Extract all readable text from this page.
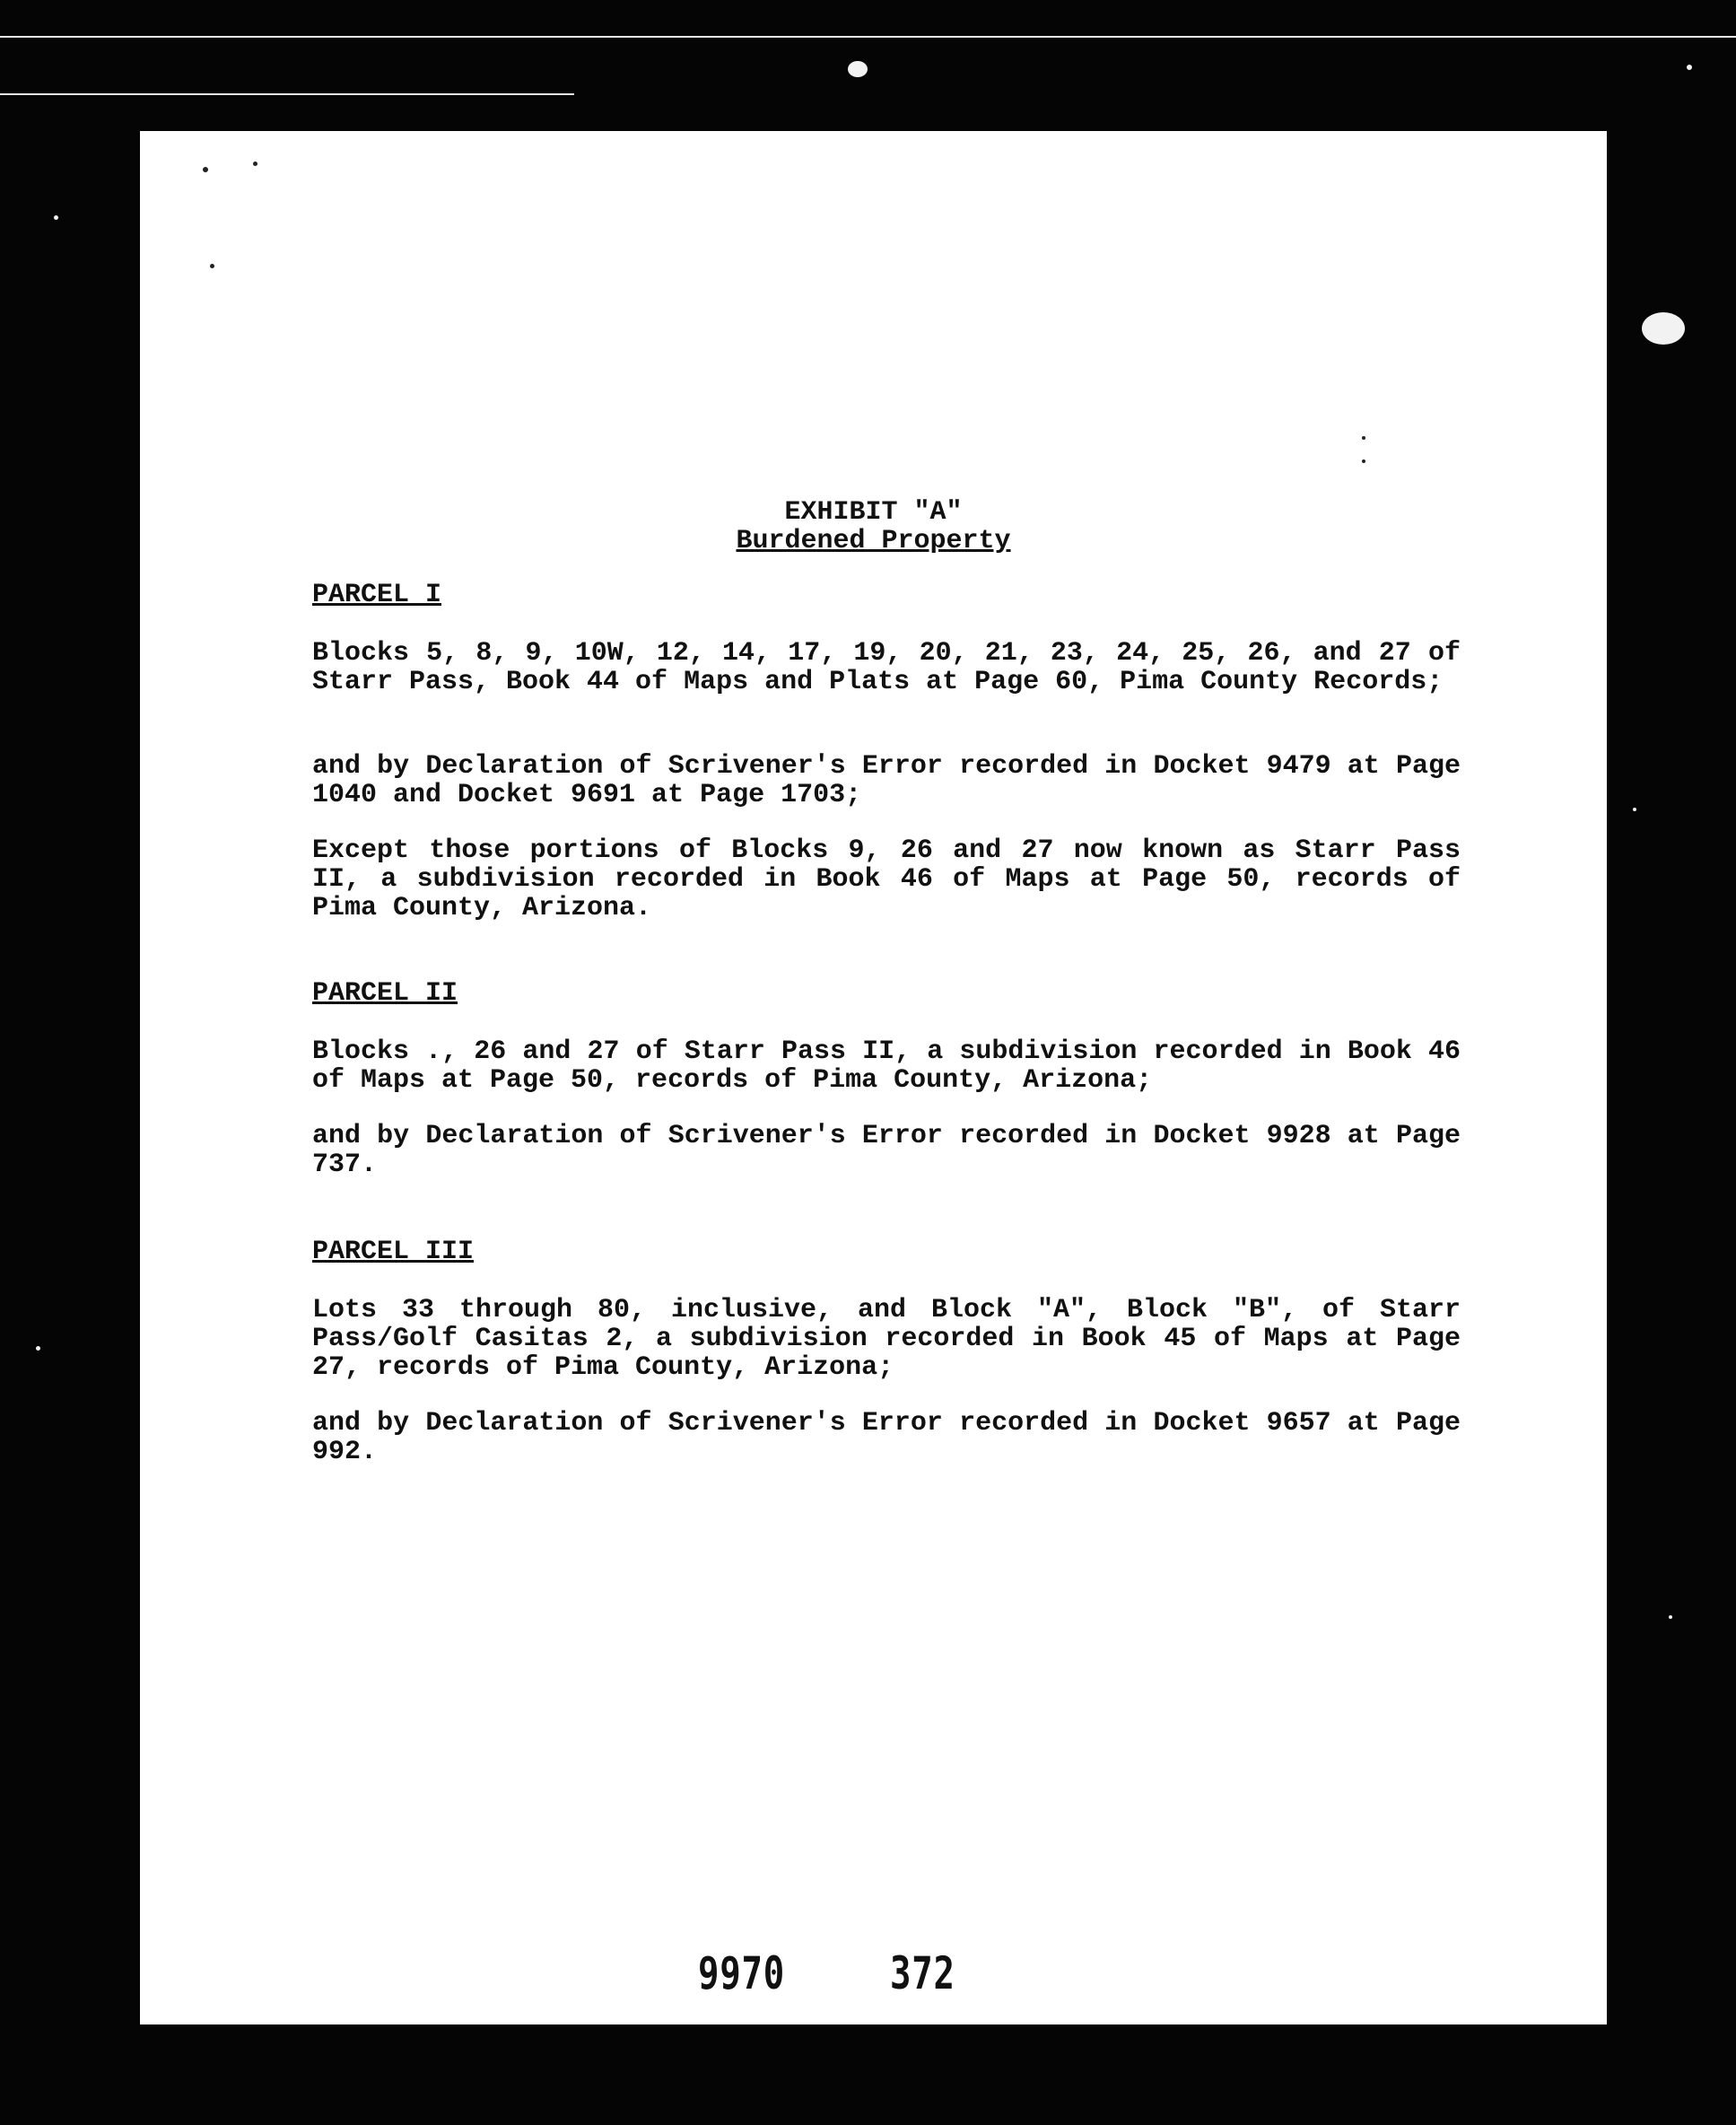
EXHIBIT "A"
Burdened Property
PARCEL I
Blocks 5, 8, 9, 10W, 12, 14, 17, 19, 20, 21, 23, 24, 25, 26, and 27 of Starr Pass, Book 44 of Maps and Plats at Page 60, Pima County Records;
and by Declaration of Scrivener's Error recorded in Docket 9479 at Page 1040 and Docket 9691 at Page 1703;
Except those portions of Blocks 9, 26 and 27 now known as Starr Pass II, a subdivision recorded in Book 46 of Maps at Page 50, records of Pima County, Arizona.
PARCEL II
Blocks ., 26 and 27 of Starr Pass II, a subdivision recorded in Book 46 of Maps at Page 50, records of Pima County, Arizona;
and by Declaration of Scrivener's Error recorded in Docket 9928 at Page 737.
PARCEL III
Lots 33 through 80, inclusive, and Block "A", Block "B", of Starr Pass/Golf Casitas 2, a subdivision recorded in Book 45 of Maps at Page 27, records of Pima County, Arizona;
and by Declaration of Scrivener's Error recorded in Docket 9657 at Page 992.
9970 372
